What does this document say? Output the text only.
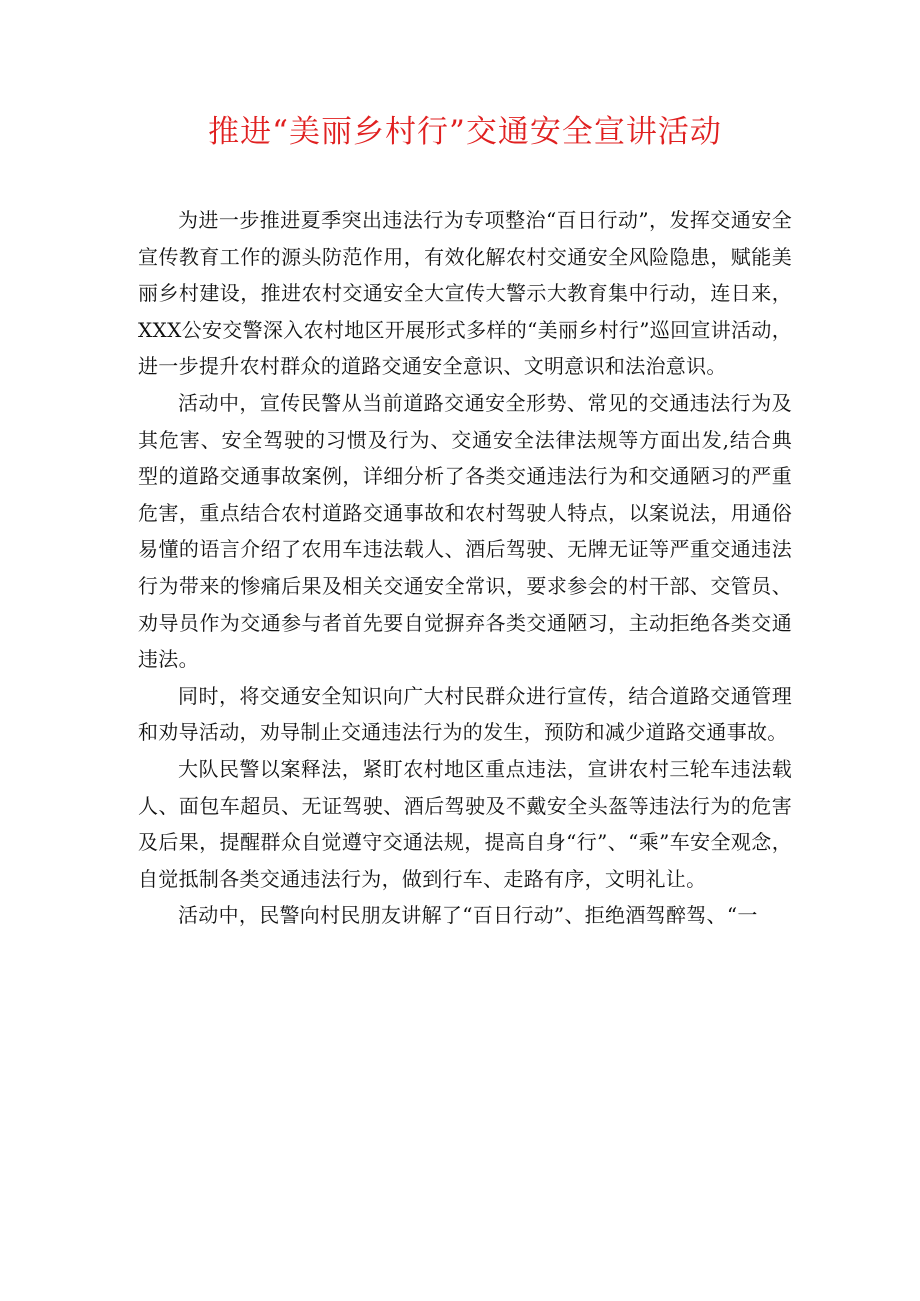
推进“美丽乡村行”交通安全宣讲活动

为进一步推进夏季突出违法行为专项整治“百日行动”，发挥交通安全宣传教育工作的源头防范作用，有效化解农村交通安全风险隐患，赋能美丽乡村建设，推进农村交通安全大宣传大警示大教育集中行动，连日来，XXX公安交警深入农村地区开展形式多样的“美丽乡村行”巡回宣讲活动，进一步提升农村群众的道路交通安全意识、文明意识和法治意识。

活动中，宣传民警从当前道路交通安全形势、常见的交通违法行为及其危害、安全驾驶的习惯及行为、交通安全法律法规等方面出发,结合典型的道路交通事故案例，详细分析了各类交通违法行为和交通陋习的严重危害，重点结合农村道路交通事故和农村驾驶人特点，以案说法，用通俗易懂的语言介绍了农用车违法载人、酒后驾驶、无牌无证等严重交通违法行为带来的惨痛后果及相关交通安全常识，要求参会的村干部、交管员、劝导员作为交通参与者首先要自觉摒弃各类交通陋习，主动拒绝各类交通违法。

同时，将交通安全知识向广大村民群众进行宣传，结合道路交通管理和劝导活动，劝导制止交通违法行为的发生，预防和减少道路交通事故。

大队民警以案释法，紧盯农村地区重点违法，宣讲农村三轮车违法载人、面包车超员、无证驾驶、酒后驾驶及不戴安全头盔等违法行为的危害及后果，提醒群众自觉遵守交通法规，提高自身“行”、“乘”车安全观念，自觉抵制各类交通违法行为，做到行车、走路有序，文明礼让。

活动中，民警向村民朋友讲解了“百日行动”、拒绝酒驾醉驾、“一
